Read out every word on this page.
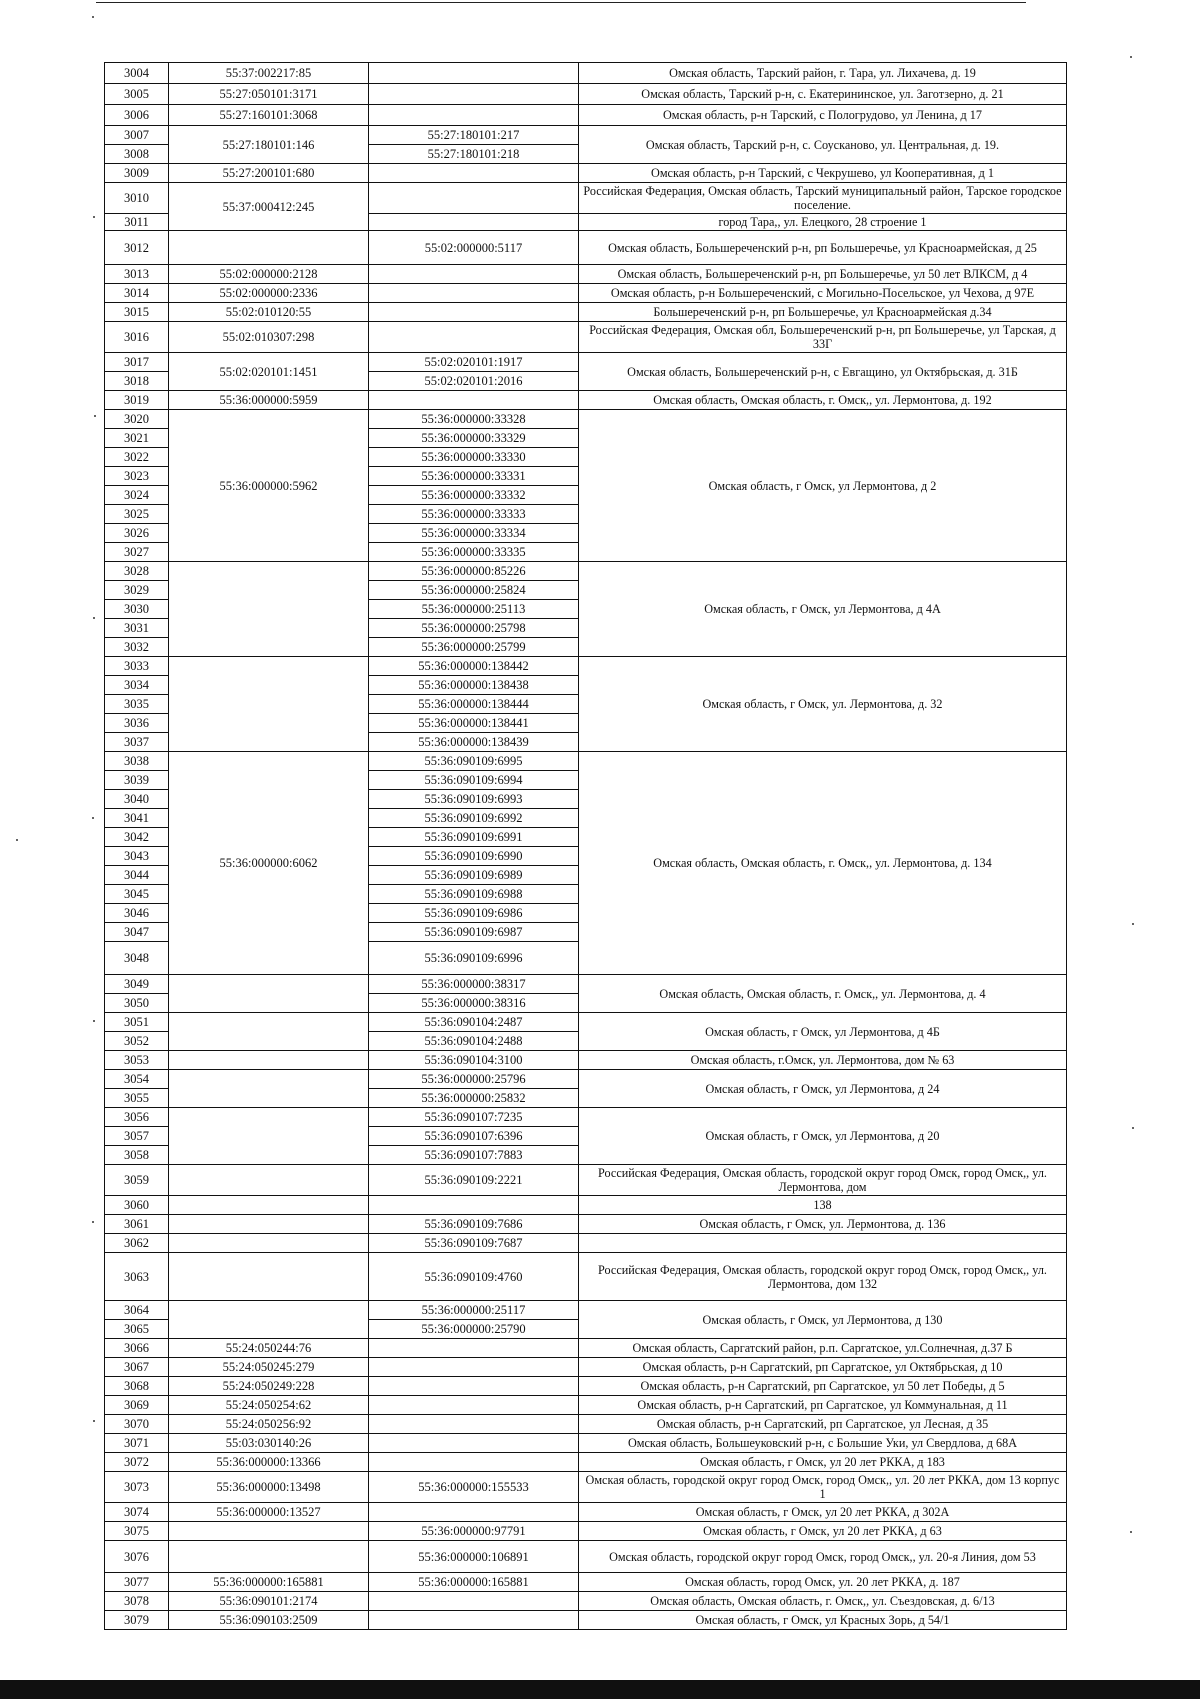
3004	55:37:002217:85		Омская область, Тарский район, г. Тара, ул. Лихачева, д. 19
3005	55:27:050101:3171		Омская область, Тарский р-н, с. Екатерининское, ул. Заготзерно, д. 21
3006	55:27:160101:3068		Омская область, р-н Тарский, с Пологрудово, ул Ленина, д 17
3007	55:27:180101:146	55:27:180101:217	Омская область, Тарский р-н, с. Соусканово, ул. Центральная, д. 19.
3008		55:27:180101:218	
3009	55:27:200101:680		Омская область, р-н Тарский, с Чекрушево, ул Кооперативная, д 1
3010	55:37:000412:245		Российская Федерация, Омская область, Тарский муниципальный район, Тарское городское поселение.
3011			город Тара,, ул. Елецкого, 28 строение 1
3012		55:02:000000:5117	Омская область, Большереченский р-н, рп Большеречье, ул Красноармейская, д 25
3013	55:02:000000:2128		Омская область, Большереченский р-н, рп Большеречье, ул 50 лет ВЛКСМ, д 4
3014	55:02:000000:2336		Омская область, р-н Большереченский, с Могильно-Посельское, ул Чехова, д 97Е
3015	55:02:010120:55		Большереченский р-н, рп Большеречье, ул Красноармейская д.34
3016	55:02:010307:298		Российская Федерация, Омская обл, Большереченский р-н, рп Большеречье, ул Тарская, д 33Г
3017	55:02:020101:1451	55:02:020101:1917	Омская область, Большереченский р-н, с Евгащино, ул Октябрьская, д. 31Б
3018		55:02:020101:2016	
3019	55:36:000000:5959		Омская область, Омская область, г. Омск,, ул. Лермонтова, д. 192
3020	55:36:000000:5962	55:36:000000:33328	Омская область, г Омск, ул Лермонтова, д 2
3021		55:36:000000:33329	
3022		55:36:000000:33330	
3023		55:36:000000:33331	
3024		55:36:000000:33332	
3025		55:36:000000:33333	
3026		55:36:000000:33334	
3027		55:36:000000:33335	
3028		55:36:000000:85226	Омская область, г Омск, ул Лермонтова, д 4А
3029		55:36:000000:25824	
3030		55:36:000000:25113	
3031		55:36:000000:25798	
3032		55:36:000000:25799	
3033		55:36:000000:138442	Омская область, г Омск, ул. Лермонтова, д. 32
3034		55:36:000000:138438	
3035		55:36:000000:138444	
3036		55:36:000000:138441	
3037		55:36:000000:138439	
3038	55:36:000000:6062	55:36:090109:6995	Омская область, Омская область, г. Омск,, ул. Лермонтова, д. 134
3039		55:36:090109:6994	
3040		55:36:090109:6993	
3041		55:36:090109:6992	
3042		55:36:090109:6991	
3043		55:36:090109:6990	
3044		55:36:090109:6989	
3045		55:36:090109:6988	
3046		55:36:090109:6986	
3047		55:36:090109:6987	
3048		55:36:090109:6996	
3049		55:36:000000:38317	Омская область, Омская область, г. Омск,, ул. Лермонтова, д. 4
3050		55:36:000000:38316	
3051		55:36:090104:2487	Омская область, г Омск, ул Лермонтова, д 4Б
3052		55:36:090104:2488	
3053		55:36:090104:3100	Омская область, г.Омск, ул. Лермонтова, дом № 63
3054		55:36:000000:25796	Омская область, г Омск, ул Лермонтова, д 24
3055		55:36:000000:25832	
3056		55:36:090107:7235	Омская область, г Омск, ул Лермонтова, д 20
3057		55:36:090107:6396	
3058		55:36:090107:7883	
3059		55:36:090109:2221	Российская Федерация, Омская область, городской округ город Омск, город Омск,, ул. Лермонтова, дом
3060			138
3061		55:36:090109:7686	Омская область, г Омск, ул. Лермонтова, д. 136
3062		55:36:090109:7687	
3063		55:36:090109:4760	Российская Федерация, Омская область, городской округ город Омск, город Омск,, ул. Лермонтова, дом 132
3064		55:36:000000:25117	Омская область, г Омск, ул Лермонтова, д 130
3065		55:36:000000:25790	
3066	55:24:050244:76		Омская область, Саргатский район, р.п. Саргатское, ул.Солнечная, д.37 Б
3067	55:24:050245:279		Омская область, р-н Саргатский, рп Саргатское, ул Октябрьская, д 10
3068	55:24:050249:228		Омская область, р-н Саргатский, рп Саргатское, ул 50 лет Победы, д 5
3069	55:24:050254:62		Омская область, р-н Саргатский, рп Саргатское, ул Коммунальная, д 11
3070	55:24:050256:92		Омская область, р-н Саргатский, рп Саргатское, ул Лесная, д 35
3071	55:03:030140:26		Омская область, Большеуковский р-н, с Большие Уки, ул Свердлова, д 68А
3072	55:36:000000:13366		Омская область, г Омск, ул 20 лет РККА, д 183
3073	55:36:000000:13498	55:36:000000:155533	Омская область, городской округ город Омск, город Омск,, ул. 20 лет РККА, дом 13 корпус 1
3074	55:36:000000:13527		Омская область, г Омск, ул 20 лет РККА, д 302А
3075		55:36:000000:97791	Омская область, г Омск, ул 20 лет РККА, д 63
3076		55:36:000000:106891	Омская область, городской округ город Омск, город Омск,, ул. 20-я Линия, дом 53
3077	55:36:000000:165881	55:36:000000:165881	Омская область, город Омск, ул. 20 лет РККА, д. 187
3078	55:36:090101:2174		Омская область, Омская область, г. Омск,, ул. Съездовская, д. 6/13
3079	55:36:090103:2509		Омская область, г Омск, ул Красных Зорь, д 54/1
